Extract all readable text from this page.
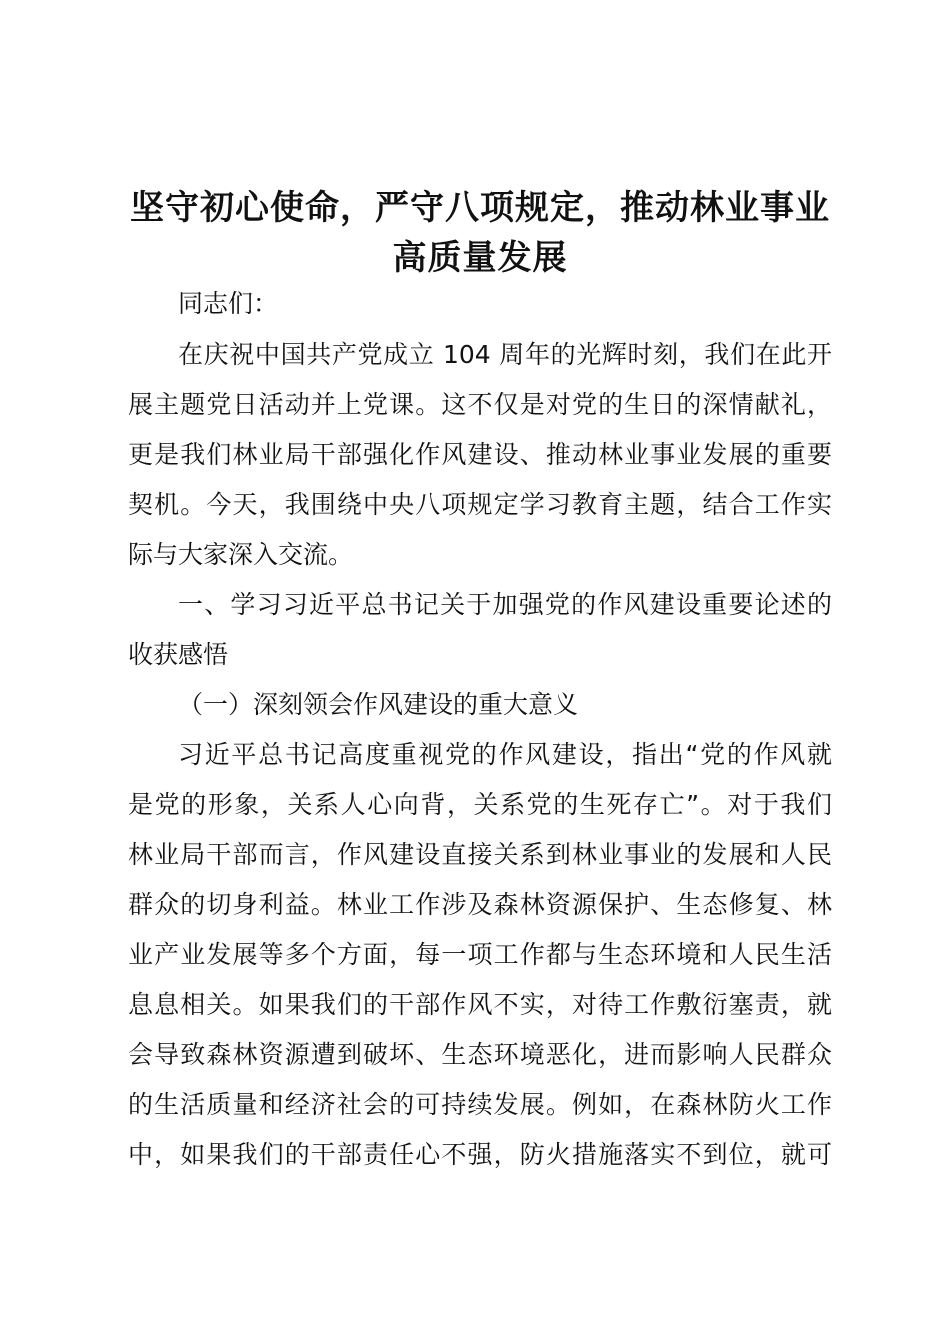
坚守初心使命，严守八项规定，推动林业事业
高质量发展

同志们：

在庆祝中国共产党成立 104 周年的光辉时刻，我们在此开

展主题党日活动并上党课。这不仅是对党的生日的深情献礼，

更是我们林业局干部强化作风建设、推动林业事业发展的重要

契机。今天，我围绕中央八项规定学习教育主题，结合工作实

际与大家深入交流。

一、学习习近平总书记关于加强党的作风建设重要论述的

收获感悟

（一）深刻领会作风建设的重大意义

习近平总书记高度重视党的作风建设，指出“党的作风就

是党的形象，关系人心向背，关系党的生死存亡”。对于我们

林业局干部而言，作风建设直接关系到林业事业的发展和人民

群众的切身利益。林业工作涉及森林资源保护、生态修复、林

业产业发展等多个方面，每一项工作都与生态环境和人民生活

息息相关。如果我们的干部作风不实，对待工作敷衍塞责，就

会导致森林资源遭到破坏、生态环境恶化，进而影响人民群众

的生活质量和经济社会的可持续发展。例如，在森林防火工作

中，如果我们的干部责任心不强，防火措施落实不到位，就可
